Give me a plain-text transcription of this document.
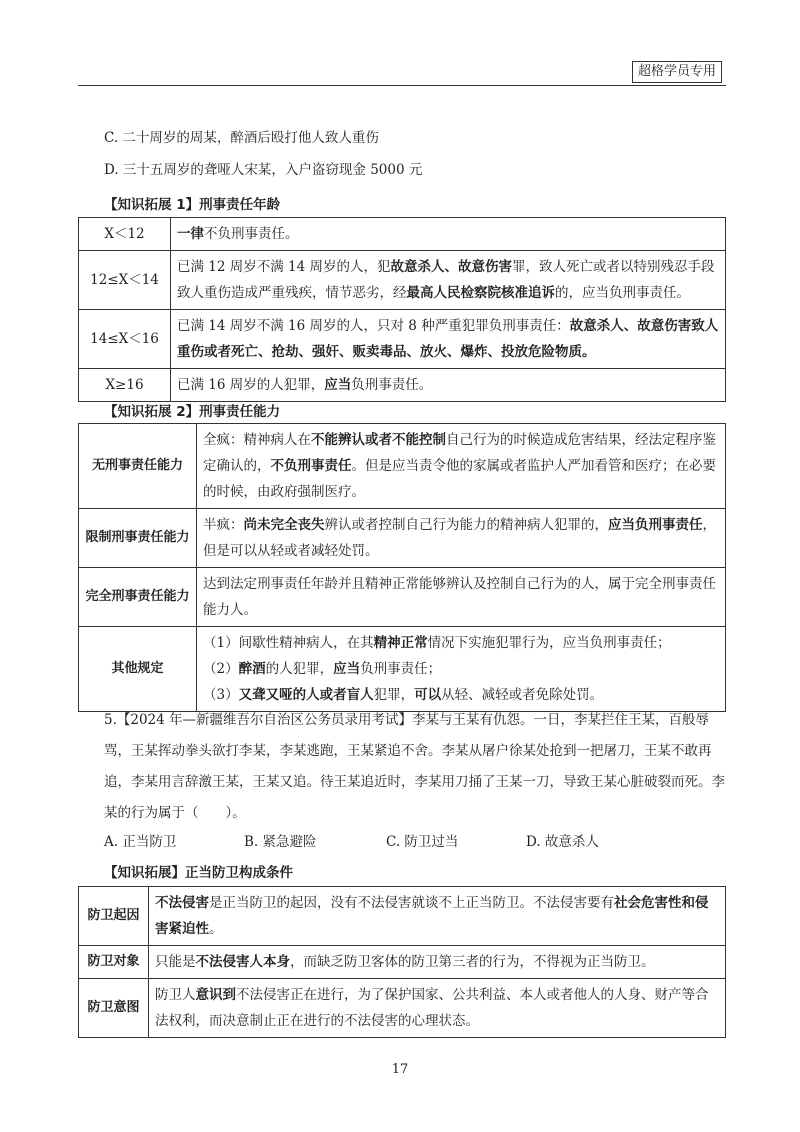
超格学员专用
C. 二十周岁的周某，醉酒后殴打他人致人重伤
D. 三十五周岁的聋哑人宋某，入户盗窃现金 5000 元
【知识拓展 1】刑事责任年龄
X＜12	一律不负刑事责任。
12≤X＜14	已满 12 周岁不满 14 周岁的人，犯故意杀人、故意伤害罪，致人死亡或者以特别残忍手段致人重伤造成严重残疾，情节恶劣，经最高人民检察院核准追诉的，应当负刑事责任。
14≤X＜16	已满 14 周岁不满 16 周岁的人，只对 8 种严重犯罪负刑事责任：故意杀人、故意伤害致人重伤或者死亡、抢劫、强奸、贩卖毒品、放火、爆炸、投放危险物质。
X≥16	已满 16 周岁的人犯罪，应当负刑事责任。
【知识拓展 2】刑事责任能力
无刑事责任能力	全疯：精神病人在不能辨认或者不能控制自己行为的时候造成危害结果，经法定程序鉴定确认的，不负刑事责任。但是应当责令他的家属或者监护人严加看管和医疗；在必要的时候，由政府强制医疗。

限制刑事责任能力	半疯：尚未完全丧失辨认或者控制自己行为能力的精神病人犯罪的，应当负刑事责任，但是可以从轻或者减轻处罚。

完全刑事责任能力	达到法定刑事责任年龄并且精神正常能够辨认及控制自己行为的人，属于完全刑事责任能力人。

其他规定	（1）间歇性精神病人，在其精神正常情况下实施犯罪行为，应当负刑事责任；
（2）醉酒的人犯罪，应当负刑事责任；
（3）又聋又哑的人或者盲人犯罪，可以从轻、减轻或者免除处罚。
5.【2024 年—新疆维吾尔自治区公务员录用考试】李某与王某有仇怨。一日，李某拦住王某，百般辱骂，王某挥动拳头欲打李某，李某逃跑，王某紧追不舍。李某从屠户徐某处抢到一把屠刀，王某不敢再追，李某用言辞激王某，王某又追。待王某追近时，李某用刀捅了王某一刀，导致王某心脏破裂而死。李某的行为属于（　　）。
A. 正当防卫	B. 紧急避险	C. 防卫过当	D. 故意杀人
【知识拓展】正当防卫构成条件
防卫起因	不法侵害是正当防卫的起因，没有不法侵害就谈不上正当防卫。不法侵害要有社会危害性和侵害紧迫性。
防卫对象	只能是不法侵害人本身，而缺乏防卫客体的防卫第三者的行为，不得视为正当防卫。
防卫意图	防卫人意识到不法侵害正在进行，为了保护国家、公共利益、本人或者他人的人身、财产等合法权利，而决意制止正在进行的不法侵害的心理状态。
17
